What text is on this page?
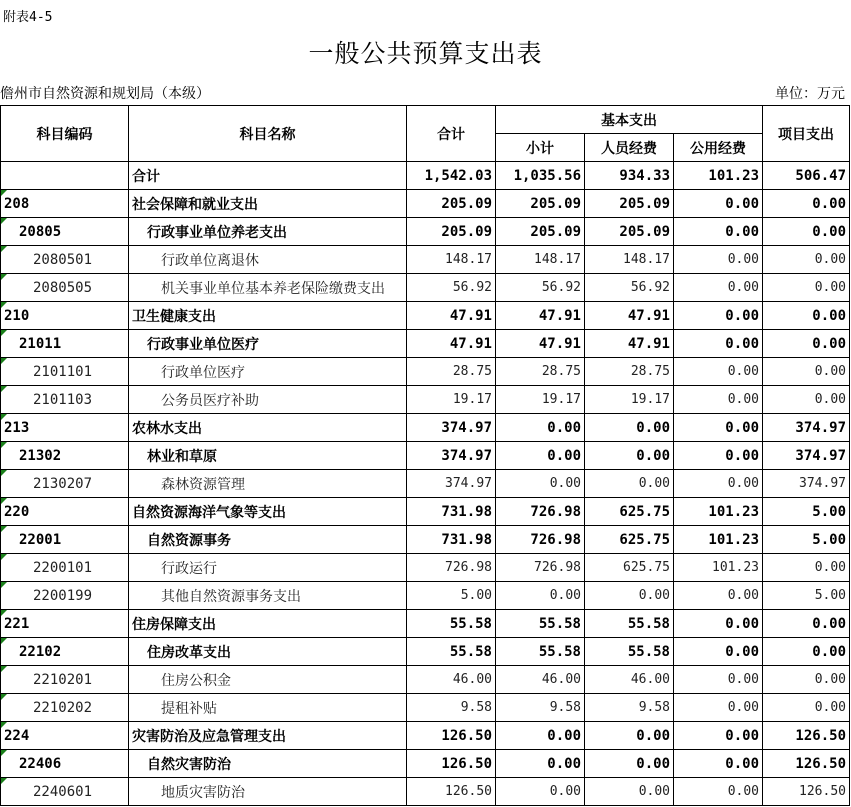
附表4-5
一般公共预算支出表
儋州市自然资源和规划局（本级）	单位：万元
科目编码	科目名称	合计	基本支出			项目支出
			小计	人员经费	公用经费	
	合计	1,542.03	1,035.56	934.33	101.23	506.47
208	社会保障和就业支出	205.09	205.09	205.09	0.00	0.00
20805	行政事业单位养老支出	205.09	205.09	205.09	0.00	0.00
2080501	行政单位离退休	148.17	148.17	148.17	0.00	0.00
2080505	机关事业单位基本养老保险缴费支出	56.92	56.92	56.92	0.00	0.00
210	卫生健康支出	47.91	47.91	47.91	0.00	0.00
21011	行政事业单位医疗	47.91	47.91	47.91	0.00	0.00
2101101	行政单位医疗	28.75	28.75	28.75	0.00	0.00
2101103	公务员医疗补助	19.17	19.17	19.17	0.00	0.00
213	农林水支出	374.97	0.00	0.00	0.00	374.97
21302	林业和草原	374.97	0.00	0.00	0.00	374.97
2130207	森林资源管理	374.97	0.00	0.00	0.00	374.97
220	自然资源海洋气象等支出	731.98	726.98	625.75	101.23	5.00
22001	自然资源事务	731.98	726.98	625.75	101.23	5.00
2200101	行政运行	726.98	726.98	625.75	101.23	0.00
2200199	其他自然资源事务支出	5.00	0.00	0.00	0.00	5.00
221	住房保障支出	55.58	55.58	55.58	0.00	0.00
22102	住房改革支出	55.58	55.58	55.58	0.00	0.00
2210201	住房公积金	46.00	46.00	46.00	0.00	0.00
2210202	提租补贴	9.58	9.58	9.58	0.00	0.00
224	灾害防治及应急管理支出	126.50	0.00	0.00	0.00	126.50
22406	自然灾害防治	126.50	0.00	0.00	0.00	126.50
2240601	地质灾害防治	126.50	0.00	0.00	0.00	126.50
